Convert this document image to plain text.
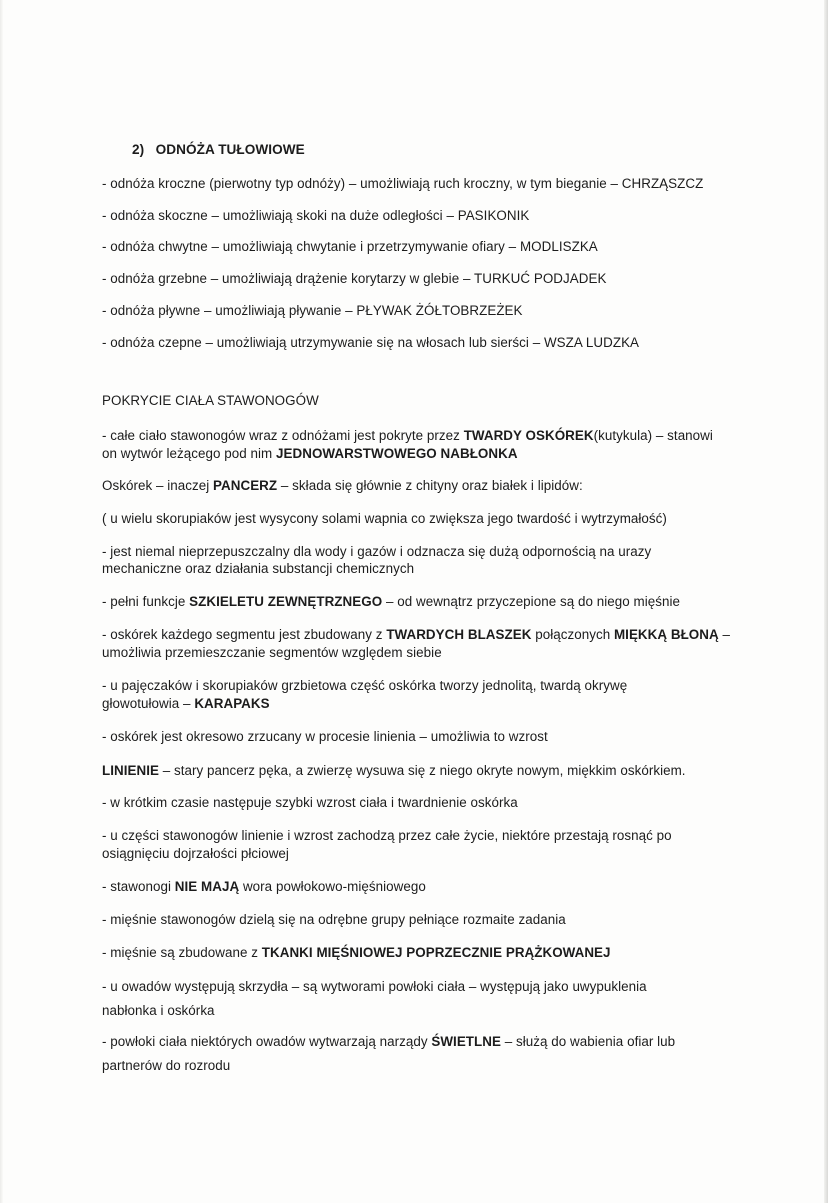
2) ODNÓŻA TUŁOWIOWE
- odnóża kroczne (pierwotny typ odnóży) – umożliwiają ruch kroczny, w tym bieganie – CHRZĄSZCZ
- odnóża skoczne – umożliwiają skoki na duże odległości – PASIKONIK
- odnóża chwytne – umożliwiają chwytanie i przetrzymywanie ofiary – MODLISZKA
- odnóża grzebne – umożliwiają drążenie korytarzy w glebie – TURKUĆ PODJADEK
- odnóża pływne – umożliwiają pływanie – PŁYWAK ŻÓŁTOBRZEŻEK
- odnóża czepne – umożliwiają utrzymywanie się na włosach lub sierści – WSZA LUDZKA
POKRYCIE CIAŁA STAWONOGÓW
- całe ciało stawonogów wraz z odnóżami jest pokryte przez TWARDY OSKÓREK(kutykula) – stanowi
on wytwór leżącego pod nim JEDNOWARSTWOWEGO NABŁONKA
Oskórek – inaczej PANCERZ – składa się głównie z chityny oraz białek i lipidów:
( u wielu skorupiaków jest wysycony solami wapnia co zwiększa jego twardość i wytrzymałość)
- jest niemal nieprzepuszczalny dla wody i gazów i odznacza się dużą odpornością na urazy
mechaniczne oraz działania substancji chemicznych
- pełni funkcje SZKIELETU ZEWNĘTRZNEGO – od wewnątrz przyczepione są do niego mięśnie
- oskórek każdego segmentu jest zbudowany z TWARDYCH BLASZEK połączonych MIĘKKĄ BŁONĄ –
umożliwia przemieszczanie segmentów względem siebie
- u pajęczaków i skorupiaków grzbietowa część oskórka tworzy jednolitą, twardą okrywę
głowotułowia – KARAPAKS
- oskórek jest okresowo zrzucany w procesie linienia – umożliwia to wzrost
LINIENIE – stary pancerz pęka, a zwierzę wysuwa się z niego okryte nowym, miękkim oskórkiem.
- w krótkim czasie następuje szybki wzrost ciała i twardnienie oskórka
- u części stawonogów linienie i wzrost zachodzą przez całe życie, niektóre przestają rosnąć po
osiągnięciu dojrzałości płciowej
- stawonogi NIE MAJĄ wora powłokowo-mięśniowego
- mięśnie stawonogów dzielą się na odrębne grupy pełniące rozmaite zadania
- mięśnie są zbudowane z TKANKI MIĘŚNIOWEJ POPRZECZNIE PRĄŻKOWANEJ
- u owadów występują skrzydła – są wytworami powłoki ciała – występują jako uwypuklenia
nabłonka i oskórka
- powłoki ciała niektórych owadów wytwarzają narządy ŚWIETLNE – służą do wabienia ofiar lub
partnerów do rozrodu
